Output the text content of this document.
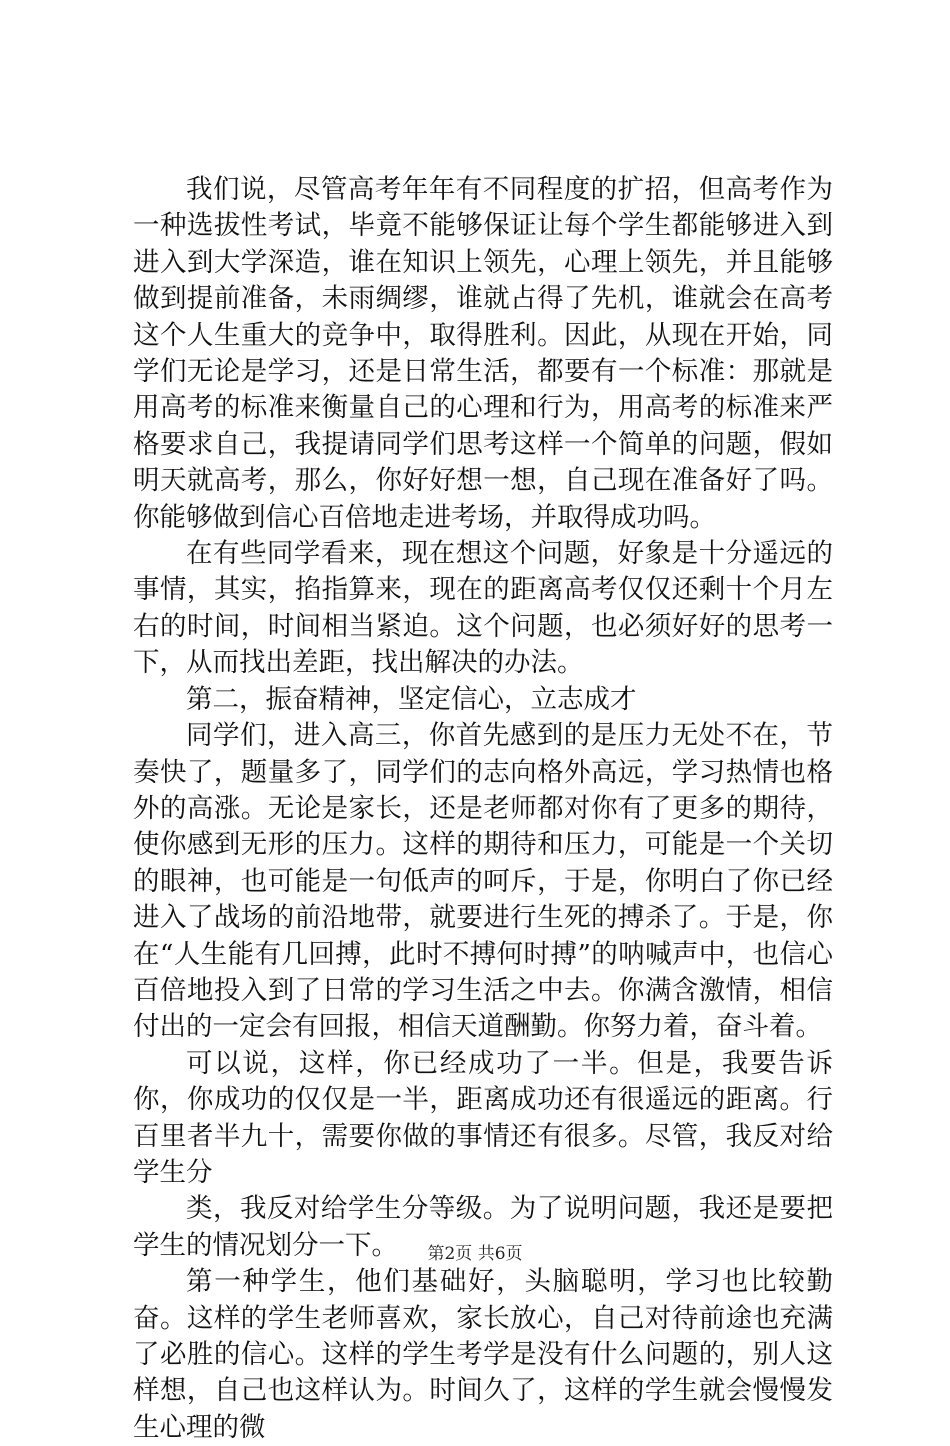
我们说，尽管高考年年有不同程度的扩招，但高考作为一种选拔性考试，毕竟不能够保证让每个学生都能够进入到进入到大学深造，谁在知识上领先，心理上领先，并且能够做到提前准备，未雨绸缪，谁就占得了先机，谁就会在高考这个人生重大的竞争中，取得胜利。因此，从现在开始，同学们无论是学习，还是日常生活，都要有一个标准：那就是用高考的标准来衡量自己的心理和行为，用高考的标准来严格要求自己，我提请同学们思考这样一个简单的问题，假如明天就高考，那么，你好好想一想，自己现在准备好了吗。你能够做到信心百倍地走进考场，并取得成功吗。

在有些同学看来，现在想这个问题，好象是十分遥远的事情，其实，掐指算来，现在的距离高考仅仅还剩十个月左右的时间，时间相当紧迫。这个问题，也必须好好的思考一下，从而找出差距，找出解决的办法。

第二，振奋精神，坚定信心，立志成才

同学们，进入高三，你首先感到的是压力无处不在，节奏快了，题量多了，同学们的志向格外高远，学习热情也格外的高涨。无论是家长，还是老师都对你有了更多的期待，使你感到无形的压力。这样的期待和压力，可能是一个关切的眼神，也可能是一句低声的呵斥，于是，你明白了你已经进入了战场的前沿地带，就要进行生死的搏杀了。于是，你在“人生能有几回搏，此时不搏何时搏”的呐喊声中，也信心百倍地投入到了日常的学习生活之中去。你满含激情，相信付出的一定会有回报，相信天道酬勤。你努力着，奋斗着。

可以说，这样，你已经成功了一半。但是，我要告诉你，你成功的仅仅是一半，距离成功还有很遥远的距离。行百里者半九十，需要你做的事情还有很多。尽管，我反对给学生分

类，我反对给学生分等级。为了说明问题，我还是要把学生的情况划分一下。

第一种学生，他们基础好，头脑聪明，学习也比较勤奋。这样的学生老师喜欢，家长放心，自己对待前途也充满了必胜的信心。这样的学生考学是没有什么问题的，别人这样想，自己也这样认为。时间久了，这样的学生就会慢慢发生心理的微

第2页 共6页
